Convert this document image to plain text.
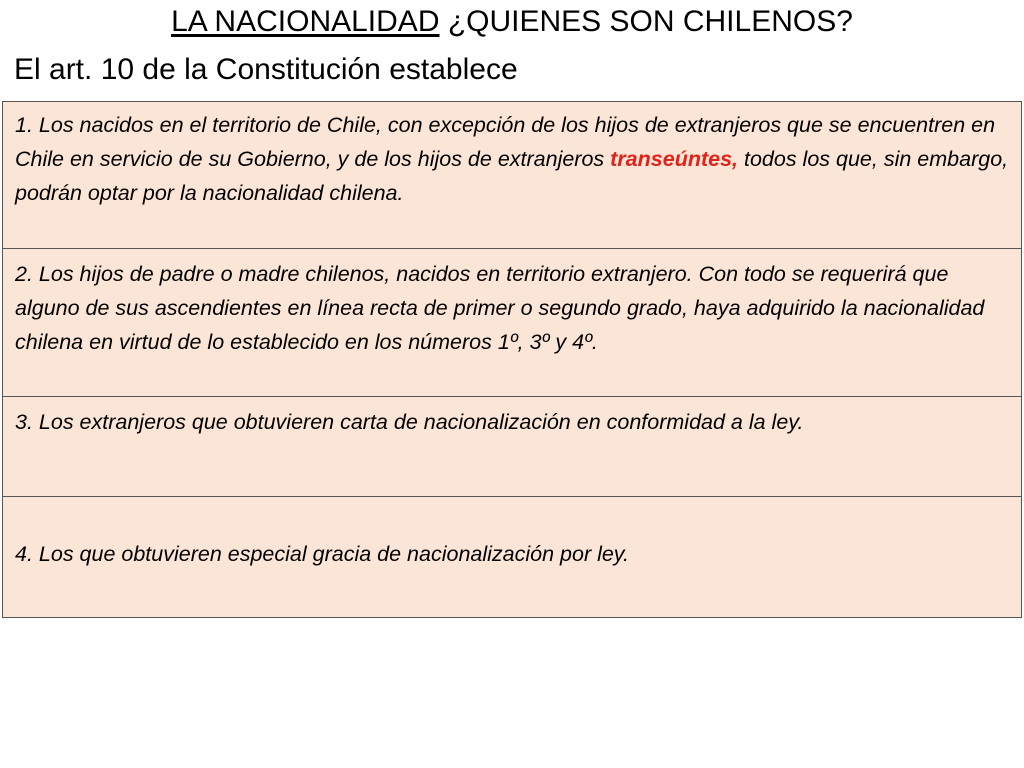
LA NACIONALIDAD ¿QUIENES SON CHILENOS?
El art. 10 de la Constitución establece
1. Los nacidos en el territorio de Chile, con excepción de los hijos de extranjeros que se encuentren en Chile en servicio de su Gobierno, y de los hijos de extranjeros transeúntes, todos los que, sin embargo, podrán optar por la nacionalidad chilena.
2. Los hijos de padre o madre chilenos, nacidos en territorio extranjero. Con todo se requerirá que alguno de sus ascendientes en línea recta de primer o segundo grado, haya adquirido la nacionalidad chilena en virtud de lo establecido en los números 1º, 3º y 4º.
3. Los extranjeros que obtuvieren carta de nacionalización en conformidad a la ley.
4. Los que obtuvieren especial gracia de nacionalización por ley.
